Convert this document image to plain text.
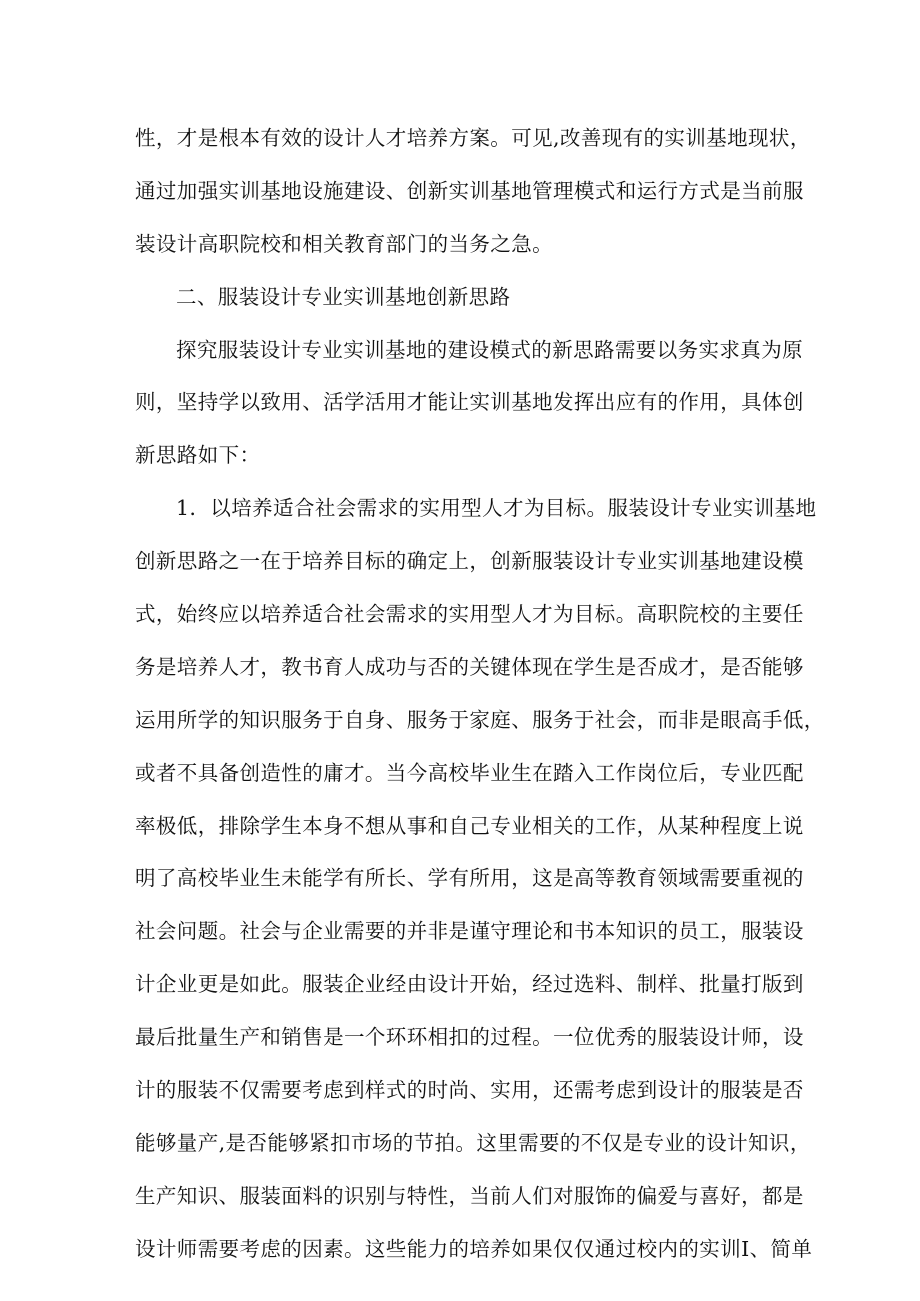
性，才是根本有效的设计人才培养方案。可见,改善现有的实训基地现状，
通过加强实训基地设施建设、创新实训基地管理模式和运行方式是当前服
装设计高职院校和相关教育部门的当务之急。
二、服装设计专业实训基地创新思路
探究服装设计专业实训基地的建设模式的新思路需要以务实求真为原
则，坚持学以致用、活学活用才能让实训基地发挥出应有的作用，具体创
新思路如下：
1．以培养适合社会需求的实用型人才为目标。服装设计专业实训基地
创新思路之一在于培养目标的确定上，创新服装设计专业实训基地建设模
式，始终应以培养适合社会需求的实用型人才为目标。高职院校的主要任
务是培养人才，教书育人成功与否的关键体现在学生是否成才，是否能够
运用所学的知识服务于自身、服务于家庭、服务于社会，而非是眼高手低，
或者不具备创造性的庸才。当今高校毕业生在踏入工作岗位后，专业匹配
率极低，排除学生本身不想从事和自己专业相关的工作，从某种程度上说
明了高校毕业生未能学有所长、学有所用，这是高等教育领域需要重视的
社会问题。社会与企业需要的并非是谨守理论和书本知识的员工，服装设
计企业更是如此。服装企业经由设计开始，经过选料、制样、批量打版到
最后批量生产和销售是一个环环相扣的过程。一位优秀的服装设计师，设
计的服装不仅需要考虑到样式的时尚、实用，还需考虑到设计的服装是否
能够量产,是否能够紧扣市场的节拍。这里需要的不仅是专业的设计知识，
生产知识、服装面料的识别与特性，当前人们对服饰的偏爱与喜好，都是
设计师需要考虑的因素。这些能力的培养如果仅仅通过校内的实训I、简单
